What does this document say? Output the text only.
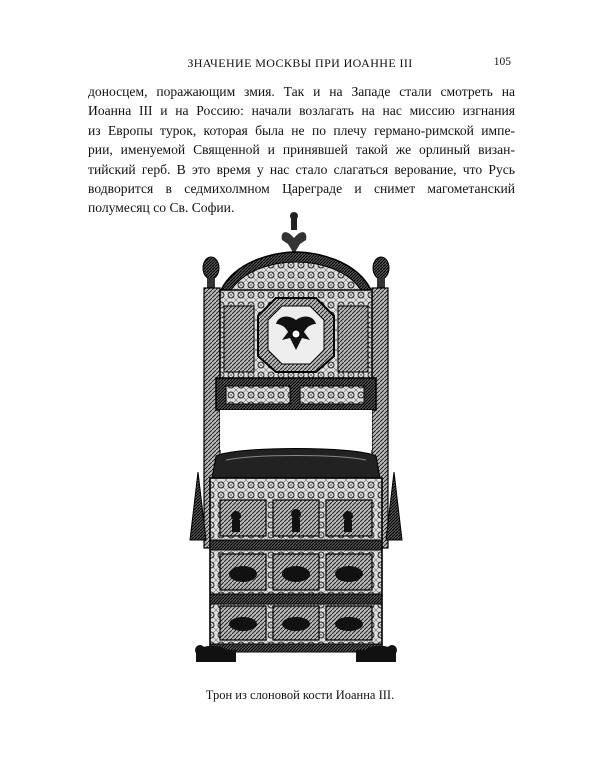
ЗНАЧЕНИЕ МОСКВЫ ПРИ ИОАННЕ III	105
доносцем, поражающим змия. Так и на Западе стали смотреть на
Иоанна III и на Россию: начали возлагать на нас миссию изгнания
из Европы турок, которая была не по плечу германо-римской импе-
рии, именуемой Священной и принявшей такой же орлиный визан-
тийский герб. В это время у нас стало слагаться верование, что Русь
водворится в седмихолмном Цареграде и снимет магометанский
полумесяц со Св. Софии.
Трон из слоновой кости Иоанна III.
